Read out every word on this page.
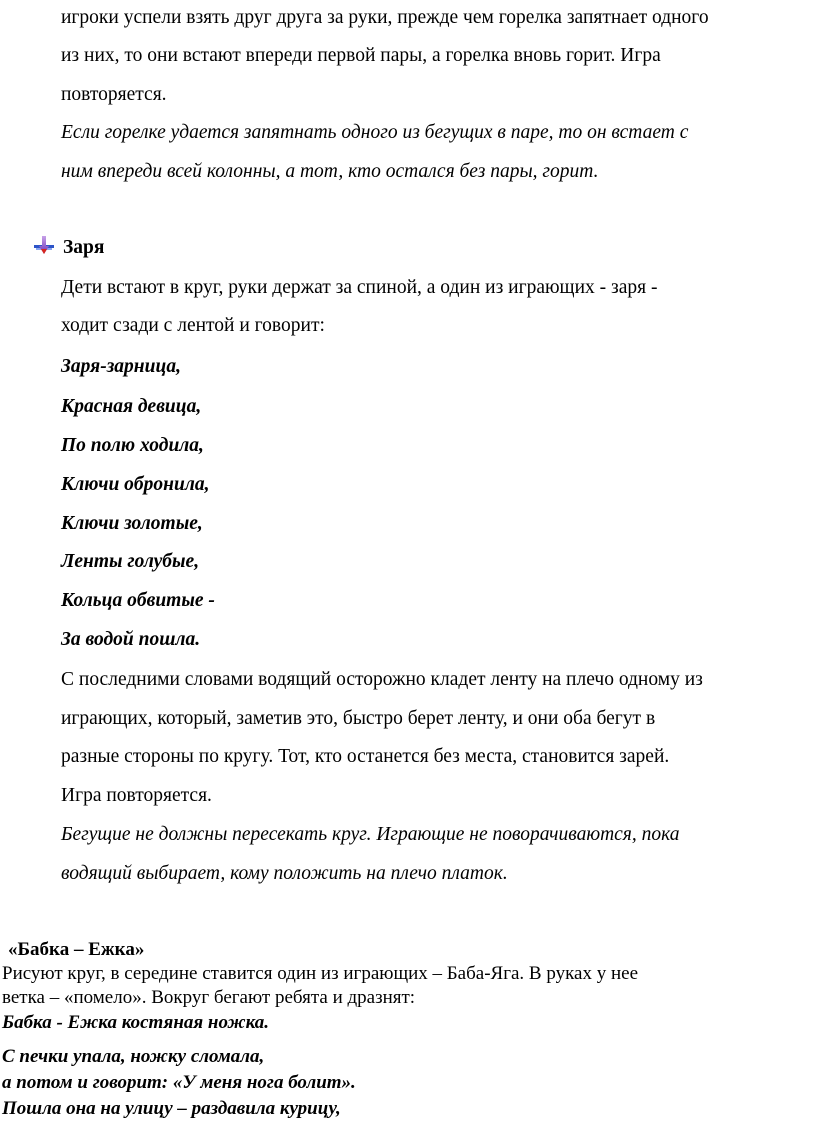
игроки успели взять друг друга за руки, прежде чем горелка запятнает одного
из них, то они встают впереди первой пары, а горелка вновь горит. Игра
повторяется.
Если горелке удается запятнать одного из бегущих в паре, то он встает с
ним впереди всей колонны, а тот, кто остался без пары, горит.
Заря
Дети встают в круг, руки держат за спиной, а один из играющих - заря -
ходит сзади с лентой и говорит:
Заря-зарница,
Красная девица,
По полю ходила,
Ключи обронила,
Ключи золотые,
Ленты голубые,
Кольца обвитые -
За водой пошла.
С последними словами водящий осторожно кладет ленту на плечо одному из
играющих, который, заметив это, быстро берет ленту, и они оба бегут в
разные стороны по кругу. Тот, кто останется без места, становится зарей.
Игра повторяется.
Бегущие не должны пересекать круг. Играющие не поворачиваются, пока
водящий выбирает, кому положить на плечо платок.
«Бабка – Ежка»
Рисуют круг, в середине ставится один из играющих – Баба-Яга. В руках у нее
ветка – «помело». Вокруг бегают ребята и дразнят:
Бабка - Ежка костяная ножка.
С печки упала, ножку сломала,
а потом и говорит: «У меня нога болит».
Пошла она на улицу – раздавила курицу,
